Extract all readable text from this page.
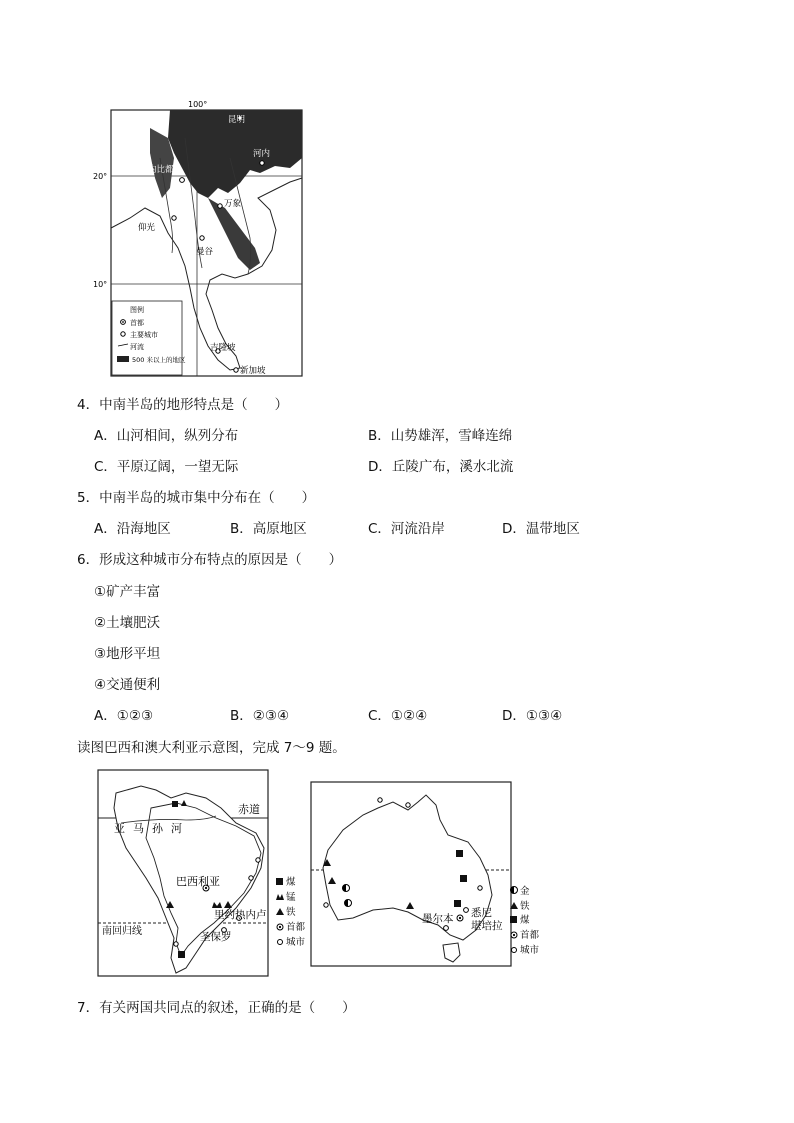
100°
20°
10°
昆明
河内
内比都
万象
仰光
曼谷
吉隆坡
新加坡
图例
首都
主要城市
河流
500 米以上的地区
4．中南半岛的地形特点是（　　）
A．山河相间，纵列分布	B．山势雄浑，雪峰连绵
C．平原辽阔，一望无际	D．丘陵广布，溪水北流
5．中南半岛的城市集中分布在（　　）
A．沿海地区	B．高原地区	C．河流沿岸	D．温带地区
6．形成这种城市分布特点的原因是（　　）
①矿产丰富
②土壤肥沃
③地形平坦
④交通便利
A．①②③	B．②③④	C．①②④	D．①③④
读图巴西和澳大利亚示意图，完成 7～9 题。
赤道
南回归线
亚马孙河
巴西利亚
里约热内卢
圣保罗
煤
锰
铁
首都
城市
悉尼
堪培拉
墨尔本
金
铁
煤
首都
城市
7．有关两国共同点的叙述，正确的是（　　）
